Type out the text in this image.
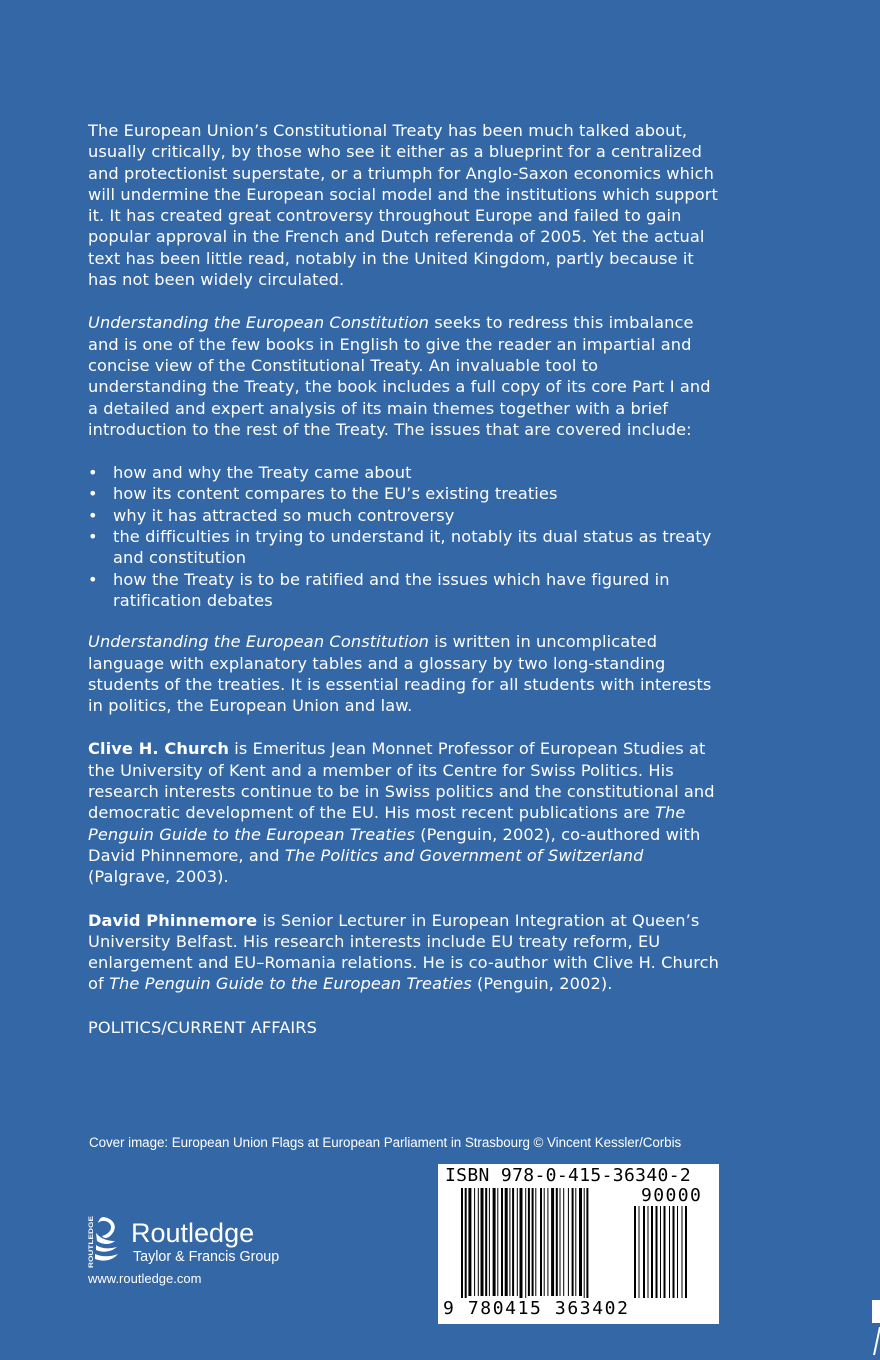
The European Union’s Constitutional Treaty has been much talked about, usually critically, by those who see it either as a blueprint for a centralized and protectionist superstate, or a triumph for Anglo-Saxon economics which will undermine the European social model and the institutions which support it. It has created great controversy throughout Europe and failed to gain popular approval in the French and Dutch referenda of 2005. Yet the actual text has been little read, notably in the United Kingdom, partly because it has not been widely circulated.

Understanding the European Constitution seeks to redress this imbalance and is one of the few books in English to give the reader an impartial and concise view of the Constitutional Treaty. An invaluable tool to understanding the Treaty, the book includes a full copy of its core Part I and a detailed and expert analysis of its main themes together with a brief introduction to the rest of the Treaty. The issues that are covered include:

• how and why the Treaty came about
• how its content compares to the EU’s existing treaties
• why it has attracted so much controversy
• the difficulties in trying to understand it, notably its dual status as treaty and constitution
• how the Treaty is to be ratified and the issues which have figured in ratification debates

Understanding the European Constitution is written in uncomplicated language with explanatory tables and a glossary by two long-standing students of the treaties. It is essential reading for all students with interests in politics, the European Union and law.

Clive H. Church is Emeritus Jean Monnet Professor of European Studies at the University of Kent and a member of its Centre for Swiss Politics. His research interests continue to be in Swiss politics and the constitutional and democratic development of the EU. His most recent publications are The Penguin Guide to the European Treaties (Penguin, 2002), co-authored with David Phinnemore, and The Politics and Government of Switzerland (Palgrave, 2003).

David Phinnemore is Senior Lecturer in European Integration at Queen’s University Belfast. His research interests include EU treaty reform, EU enlargement and EU–Romania relations. He is co-author with Clive H. Church of The Penguin Guide to the European Treaties (Penguin, 2002).

POLITICS/CURRENT AFFAIRS
Cover image: European Union Flags at European Parliament in Strasbourg © Vincent Kessler/Corbis
ROUTLEDGE Routledge
Taylor & Francis Group
www.routledge.com
ISBN 978-0-415-36340-2
90000
9 780415 363402
